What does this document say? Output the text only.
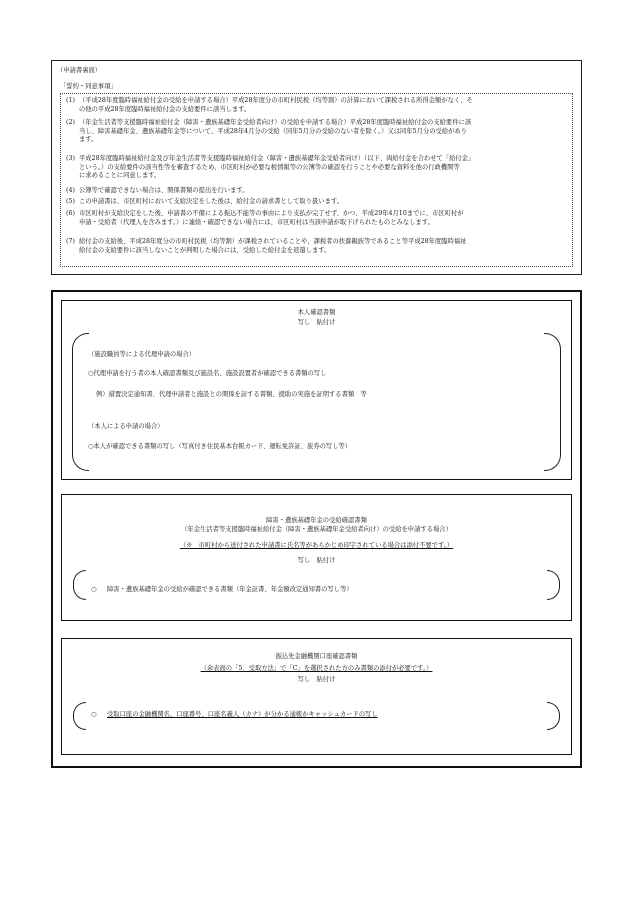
（申請書裏面）
「誓約・同意事項」
(1) （平成28年度臨時福祉給付金の受給を申請する場合）平成28年度分の市町村民税（均等割）の計算において課税される所得金額がなく、そ
の他の平成28年度臨時福祉給付金の支給要件に該当します。
(2) （年金生活者等支援臨時福祉給付金（障害・遺族基礎年金受給者向け）の受給を申請する場合）平成28年度臨時福祉給付金の支給要件に該
当し、障害基礎年金、遺族基礎年金等について、平成28年4月分の受給（同年5月分の受給のない者を除く。）又は同年5月分の受給があり
ます。
(3) 平成28年度臨時福祉給付金及び年金生活者等支援臨時福祉給付金（障害・遺族基礎年金受給者向け）（以下、両給付金を合わせて「給付金」
という。）の支給要件の該当性等を審査するため、市区町村が必要な税情報等の公簿等の確認を行うことや必要な資料を他の行政機関等
に求めることに同意します。
(4) 公簿等で確認できない場合は、関係書類の提出を行います。
(5) この申請書は、市区町村において支給決定をした後は、給付金の請求書として取り扱います。
(6) 市区町村が支給決定をした後、申請書の不備による振込不能等の事由により支払が完了せず、かつ、平成29年4月10までに、市区町村が
申請・受給者（代理人を含みます。）に連絡・確認できない場合には、市区町村は当該申請が取下げられたものとみなします。
(7) 給付金の支給後、平成28年度分の市町村民税（均等割）が課税されていることや、課税者の扶養親族等であること等平成28年度臨時福祉
給付金の支給要件に該当しないことが判明した場合には、受給した給付金を返還します。
本人確認書類
写し　貼付け
（施設職員等による代理申請の場合）
○代理申請を行う者の本人確認書類及び施設名、施設設置者が確認できる書類の写し
例）措置決定通知書、代理申請者と施設との関係を証する書類、援助の実施を証明する書類　等
（本人による申請の場合）
○本人が確認できる書類の写し（写真付き住民基本台帳カード、運転免許証、旅券の写し等）
障害・遺族基礎年金の受給確認書類
（年金生活者等支援臨時福祉給付金（障害・遺族基礎年金受給者向け）の受給を申請する場合）
（※　市町村から送付された申請書に氏名等があらかじめ印字されている場合は添付不要です。）
写し　貼付け
○ 障害・遺族基礎年金の受給が確認できる書類（年金証書、年金額改定通知書の写し等）
振込先金融機関口座確認書類
（余表面の「5．受取方法」で「C」を選択された方のみ書類の添付が必要です。）
写し　貼付け
○ 受取口座の金融機関名、口座番号、口座名義人（カナ）が分かる通帳かキャッシュカードの写し
